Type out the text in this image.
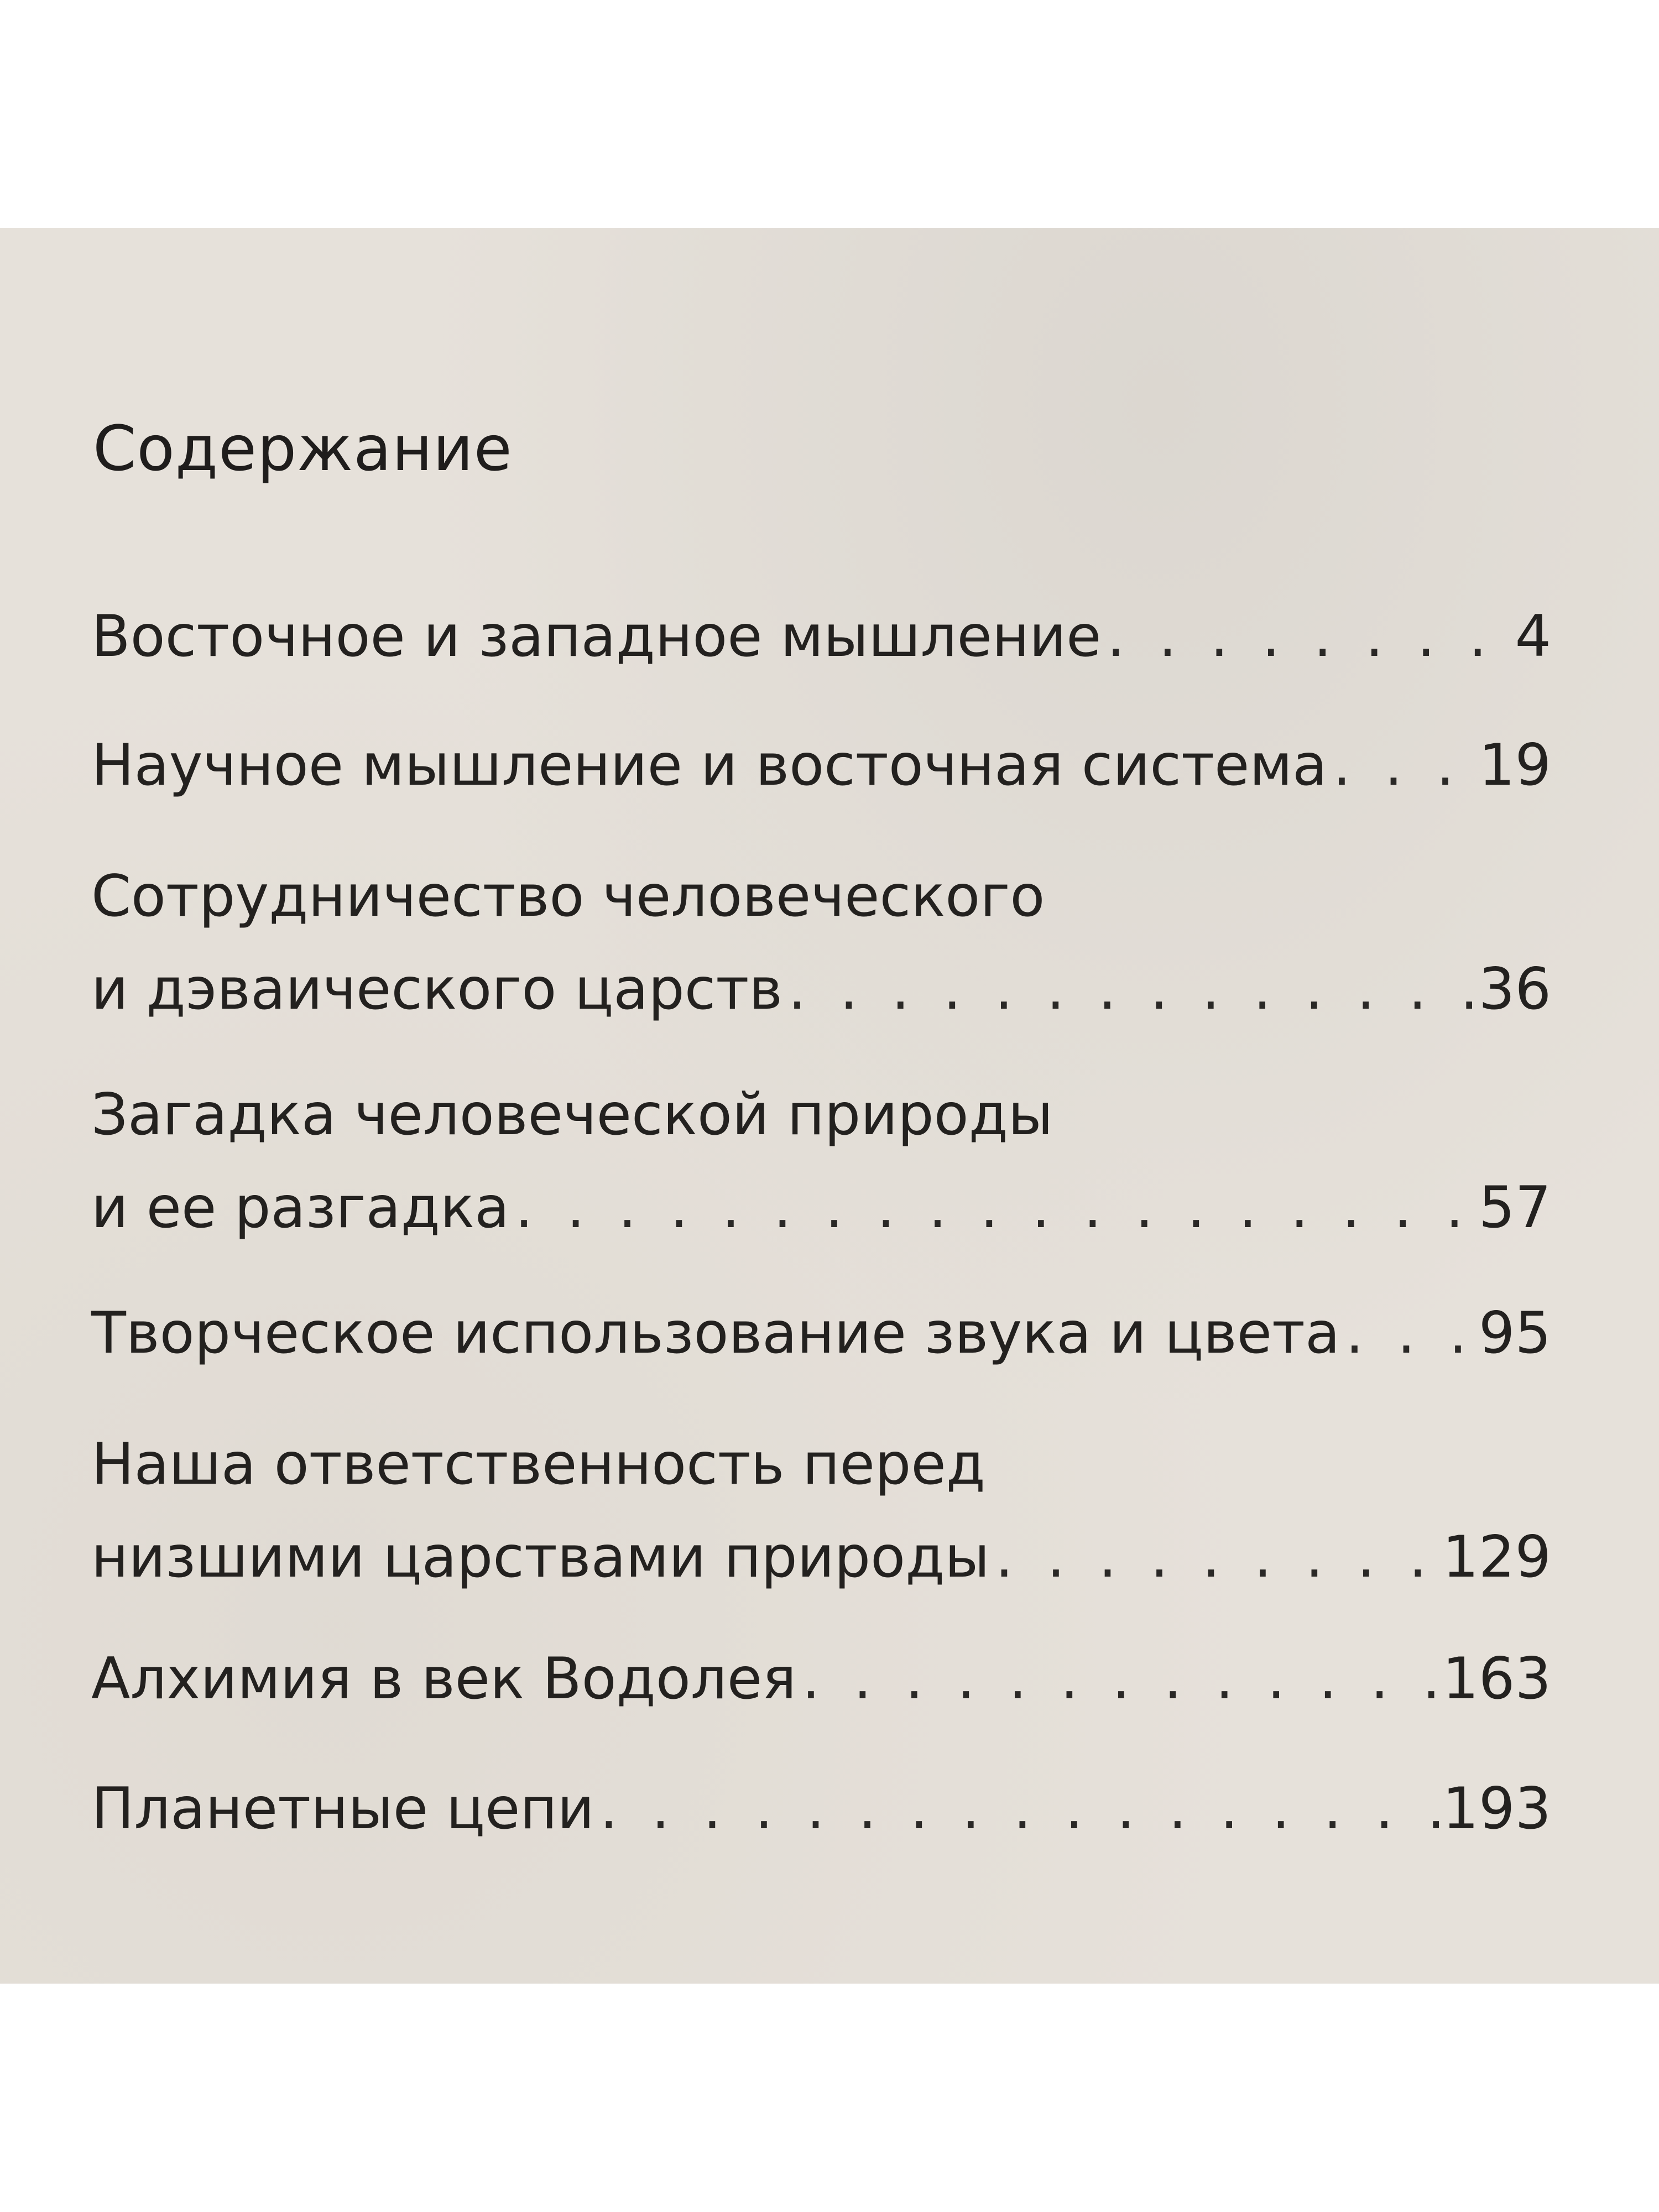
Содержание
Восточное и западное мышление . . .	4
Научное мышление и восточная система . . .	19
Сотрудничество человеческого
и дэваического царств . . .	36
Загадка человеческой природы
и ее разгадка . . .	57
Творческое использование звука и цвета . . . 95
Наша ответственность перед
низшими царствами природы . . .	129
Алхимия в век Водолея . . .	163
Планетные цепи . . .	193
